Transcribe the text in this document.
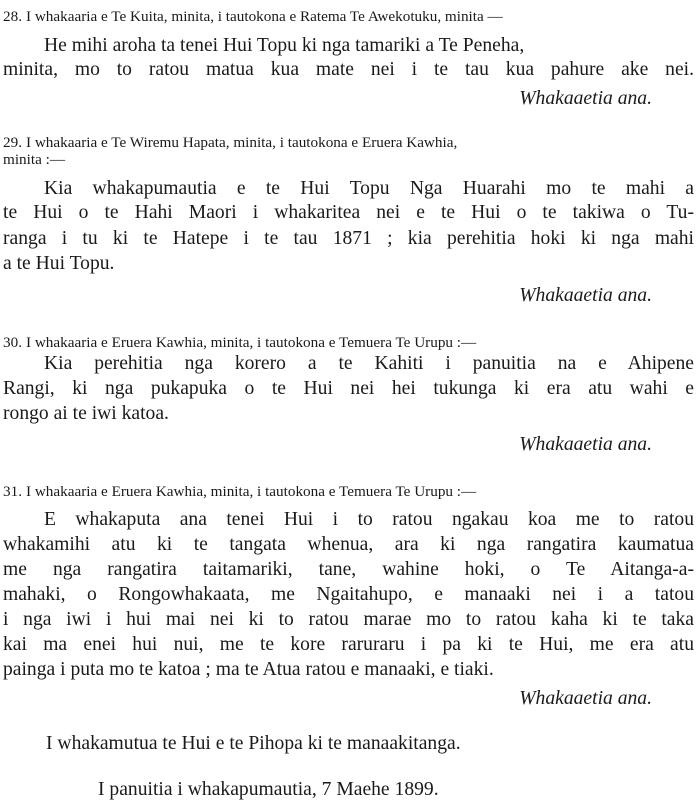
28. I whakaaria e Te Kuita, minita, i tautokona e Ratema Te Awekotuku, minita —
He mihi aroha ta tenei Hui Topu ki nga tamariki a Te Peneha,
minita, mo to ratou matua kua mate nei i te tau kua pahure ake nei.
Whakaaetia ana.
29. I whakaaria e Te Wiremu Hapata, minita, i tautokona e Eruera Kawhia,
minita :—
Kia whakapumautia e te Hui Topu Nga Huarahi mo te mahi a
te Hui o te Hahi Maori i whakaritea nei e te Hui o te takiwa o Tu-
ranga i tu ki te Hatepe i te tau 1871 ; kia perehitia hoki ki nga mahi
a te Hui Topu.
Whakaaetia ana.
30. I whakaaria e Eruera Kawhia, minita, i tautokona e Temuera Te Urupu :—
Kia perehitia nga korero a te Kahiti i panuitia na e Ahipene
Rangi, ki nga pukapuka o te Hui nei hei tukunga ki era atu wahi e
rongo ai te iwi katoa.
Whakaaetia ana.
31. I whakaaria e Eruera Kawhia, minita, i tautokona e Temuera Te Urupu :—
E whakaputa ana tenei Hui i to ratou ngakau koa me to ratou
whakamihi atu ki te tangata whenua, ara ki nga rangatira kaumatua
me nga rangatira taitamariki, tane, wahine hoki, o Te Aitanga-a-
mahaki, o Rongowhakaata, me Ngaitahupo, e manaaki nei i a tatou
i nga iwi i hui mai nei ki to ratou marae mo to ratou kaha ki te taka
kai ma enei hui nui, me te kore raruraru i pa ki te Hui, me era atu
painga i puta mo te katoa ; ma te Atua ratou e manaaki, e tiaki.
Whakaaetia ana.
I whakamutua te Hui e te Pihopa ki te manaakitanga.
I panuitia i whakapumautia, 7 Maehe 1899.
